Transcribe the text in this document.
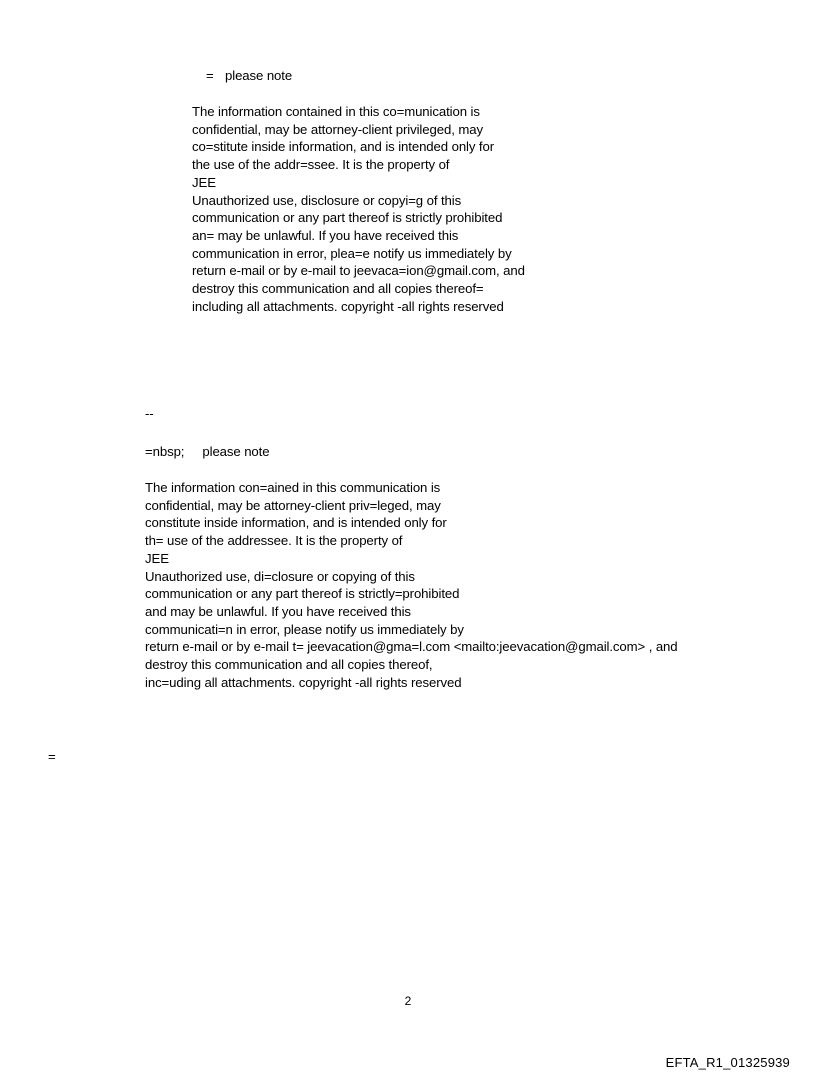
= please note
The information contained in this co=munication is
confidential, may be attorney-client privileged, may
co=stitute inside information, and is intended only for
the use of the addr=ssee. It is the property of
JEE
Unauthorized use, disclosure or copyi=g of this
communication or any part thereof is strictly prohibited
an= may be unlawful. If you have received this
communication in error, plea=e notify us immediately by
return e-mail or by e-mail to jeevaca=ion@gmail.com, and
destroy this communication and all copies thereof=
including all attachments. copyright -all rights reserved
--
=nbsp; please note
The information con=ained in this communication is
confidential, may be attorney-client priv=leged, may
constitute inside information, and is intended only for
th= use of the addressee. It is the property of
JEE
Unauthorized use, di=closure or copying of this
communication or any part thereof is strictly=prohibited
and may be unlawful. If you have received this
communicati=n in error, please notify us immediately by
return e-mail or by e-mail t= jeevacation@gma=l.com <mailto:jeevacation@gmail.com> , and
destroy this communication and all copies thereof,
inc=uding all attachments. copyright -all rights reserved
=
2
EFTA_R1_01325939
